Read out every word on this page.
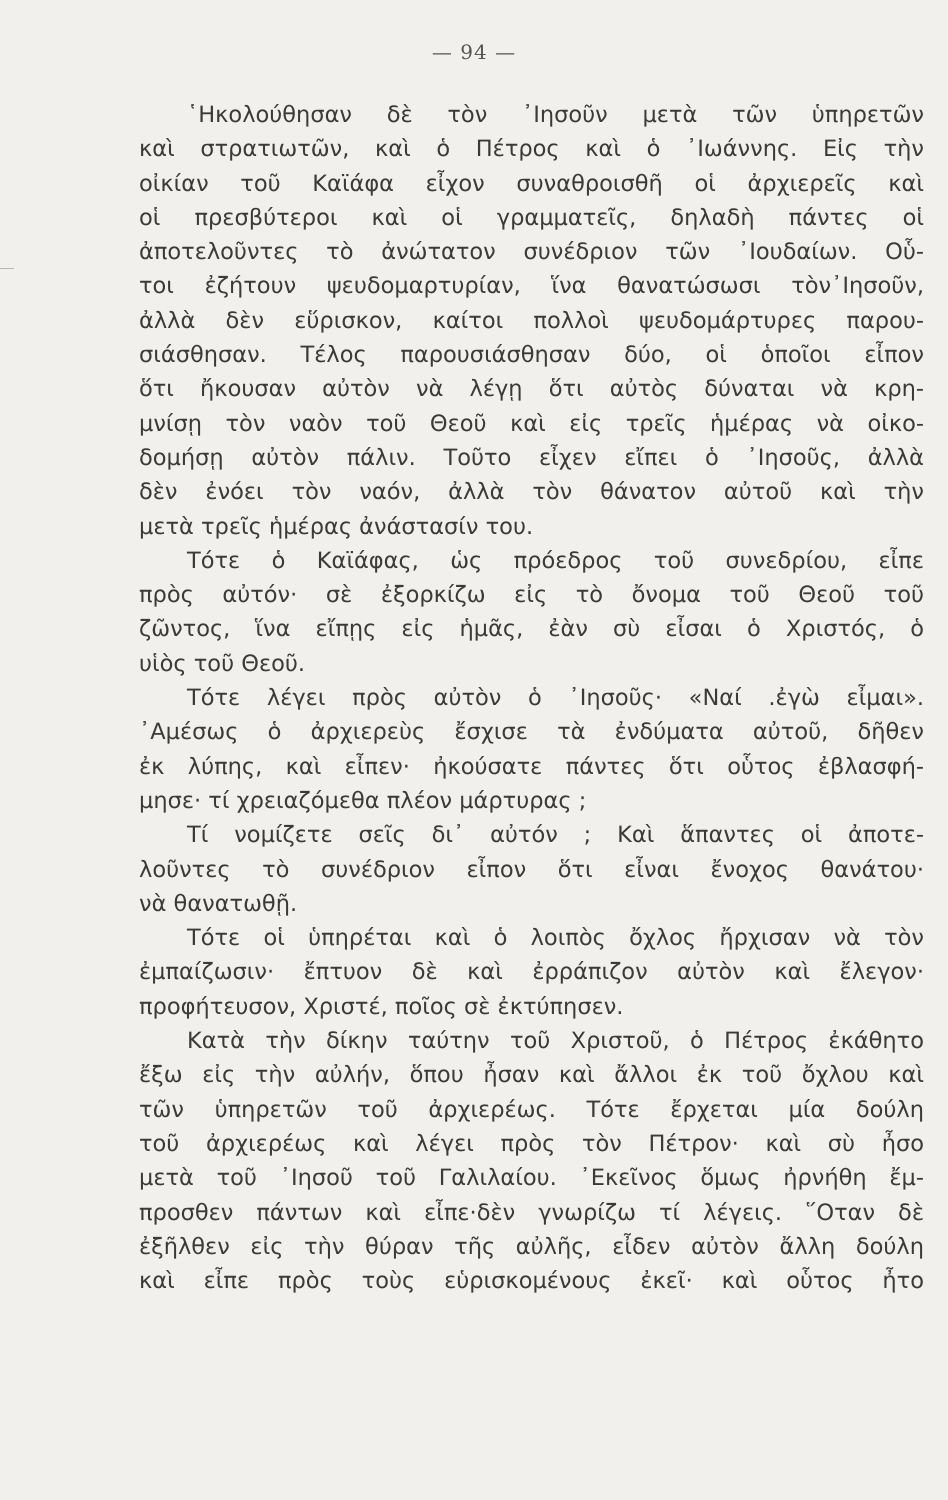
— 94 —
῾Ηκολούθησαν δὲ τὸν ᾿Ιησοῦν μετὰ τῶν ὑπηρετῶν
καὶ στρατιωτῶν, καὶ ὁ Πέτρος καὶ ὁ ᾿Ιωάννης. Εἰς τὴν
οἰκίαν τοῦ Καϊάφα εἶχον συναθροισθῆ οἱ ἀρχιερεῖς καὶ
οἱ πρεσβύτεροι καὶ οἱ γραμματεῖς, δηλαδὴ πάντες οἱ
ἀποτελοῦντες τὸ ἀνώτατον συνέδριον τῶν ᾿Ιουδαίων. Οὗ-
τοι ἐζήτουν ψευδομαρτυρίαν, ἵνα θανατώσωσι τὸν᾿Ιησοῦν,
ἀλλὰ δὲν εὕρισκον, καίτοι πολλοὶ ψευδομάρτυρες παρου-
σιάσθησαν. Τέλος παρουσιάσθησαν δύο, οἱ ὁποῖοι εἶπον
ὅτι ἤκουσαν αὐτὸν νὰ λέγῃ ὅτι αὐτὸς δύναται νὰ κρη-
μνίσῃ τὸν ναὸν τοῦ Θεοῦ καὶ εἰς τρεῖς ἡμέρας νὰ οἰκο-
δομήσῃ αὐτὸν πάλιν. Τοῦτο εἶχεν εἴπει ὁ ᾿Ιησοῦς, ἀλλὰ
δὲν ἐνόει τὸν ναόν, ἀλλὰ τὸν θάνατον αὐτοῦ καὶ τὴν
μετὰ τρεῖς ἡμέρας ἀνάστασίν του.
Τότε ὁ Καϊάφας, ὡς πρόεδρος τοῦ συνεδρίου, εἶπε
πρὸς αὐτόν· σὲ ἐξορκίζω εἰς τὸ ὄνομα τοῦ Θεοῦ τοῦ
ζῶντος, ἵνα εἴπῃς εἰς ἡμᾶς, ἐὰν σὺ εἶσαι ὁ Χριστός, ὁ
υἱὸς τοῦ Θεοῦ.
Τότε λέγει πρὸς αὐτὸν ὁ ᾿Ιησοῦς· «Ναί .ἐγὼ εἶμαι».
᾿Αμέσως ὁ ἀρχιερεὺς ἔσχισε τὰ ἐνδύματα αὐτοῦ, δῆθεν
ἐκ λύπης, καὶ εἶπεν· ἠκούσατε πάντες ὅτι οὗτος ἐβλασφή-
μησε· τί χρειαζόμεθα πλέον μάρτυρας ;
Τί νομίζετε σεῖς δι᾿ αὐτόν ; Καὶ ἅπαντες οἱ ἀποτε-
λοῦντες τὸ συνέδριον εἶπον ὅτι εἶναι ἔνοχος θανάτου·
νὰ θανατωθῇ.
Τότε οἱ ὑπηρέται καὶ ὁ λοιπὸς ὄχλος ἤρχισαν νὰ τὸν
ἐμπαίζωσιν· ἔπτυον δὲ καὶ ἐρράπιζον αὐτὸν καὶ ἔλεγον·
προφήτευσον, Χριστέ, ποῖος σὲ ἐκτύπησεν.
Κατὰ τὴν δίκην ταύτην τοῦ Χριστοῦ, ὁ Πέτρος ἐκάθητο
ἔξω εἰς τὴν αὐλήν, ὅπου ἦσαν καὶ ἄλλοι ἐκ τοῦ ὄχλου καὶ
τῶν ὑπηρετῶν τοῦ ἀρχιερέως. Τότε ἔρχεται μία δούλη
τοῦ ἀρχιερέως καὶ λέγει πρὸς τὸν Πέτρον· καὶ σὺ ἦσο
μετὰ τοῦ ᾿Ιησοῦ τοῦ Γαλιλαίου. ᾿Εκεῖνος ὅμως ἠρνήθη ἔμ-
προσθεν πάντων καὶ εἶπε·δὲν γνωρίζω τί λέγεις. ῞Οταν δὲ
ἐξῆλθεν εἰς τὴν θύραν τῆς αὐλῆς, εἶδεν αὐτὸν ἄλλη δούλη
καὶ εἶπε πρὸς τοὺς εὑρισκομένους ἐκεῖ· καὶ οὗτος ἦτο
